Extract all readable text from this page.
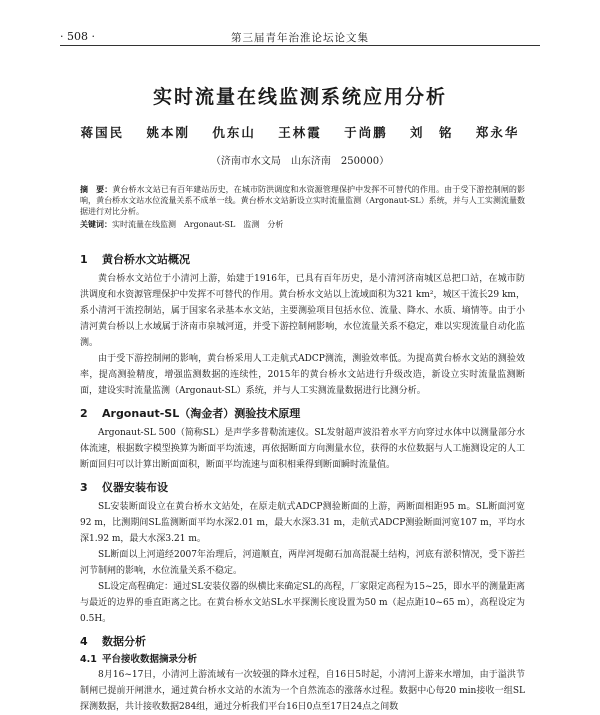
· 508 ·	第三届青年治淮论坛论文集
实时流量在线监测系统应用分析
蒋国民 姚本刚 仇东山 王林霞 于尚鹏 刘　铭 郑永华
（济南市水文局　山东济南　250000）

摘　要：黄台桥水文站已有百年建站历史，在城市防洪调度和水资源管理保护中发挥不可替代的作用。由于受下游控制闸的影响，黄台桥水文站水位流量关系不成单一线。黄台桥水文站新设立实时流量监测（Argonaut-SL）系统，并与人工实测流量数据进行对比分析。

关键词：实时流量在线监测　Argonaut-SL　监测　分析

1 黄台桥水文站概况

黄台桥水文站位于小清河上游，始建于1916年，已具有百年历史，是小清河济南城区总把口站，在城市防洪调度和水资源管理保护中发挥不可替代的作用。黄台桥水文站以上流域面积为321 km²，城区干流长29 km，系小清河干流控制站，属于国家名录基本水文站，主要测验项目包括水位、流量、降水、水质、墒情等。由于小清河黄台桥以上水域属于济南市泉城河道，并受下游控制闸影响，水位流量关系不稳定，难以实现流量自动化监测。

由于受下游控制闸的影响，黄台桥采用人工走航式ADCP测流，测验效率低。为提高黄台桥水文站的测验效率，提高测验精度，增强监测数据的连续性，2015年的黄台桥水文站进行升级改造，新设立实时流量监测断面，建设实时流量监测（Argonaut-SL）系统，并与人工实测流量数据进行比测分析。

2 Argonaut-SL（淘金者）测验技术原理

Argonaut-SL 500（简称SL）是声学多普勒流速仪。SL发射超声波沿着水平方向穿过水体中以测量部分水体流速，根据数字模型换算为断面平均流速，再依据断面方向测量水位，获得的水位数据与人工施测设定的人工断面回归可以计算出断面面积，断面平均流速与面积相乘得到断面瞬时流量值。

3 仪器安装布设

SL安装断面设立在黄台桥水文站处，在原走航式ADCP测验断面的上游，两断面相距95 m。SL断面河宽92 m，比测期间SL监测断面平均水深2.01 m，最大水深3.31 m，走航式ADCP测验断面河宽107 m，平均水深1.92 m，最大水深3.21 m。

SL断面以上河道经2007年治理后，河道顺直，两岸河堤砌石加高混凝土结构，河底有淤积情况，受下游拦河节制闸的影响，水位流量关系不稳定。

SL设定高程确定：通过SL安装仪器的纵横比来确定SL的高程，厂家限定高程为15~25，即水平的测量距离与最近的边界的垂直距离之比。在黄台桥水文站SL水平探测长度设置为50 m（起点距10~65 m），高程设定为0.5H。

4 数据分析
4.1 平台接收数据摘录分析

8月16~17日，小清河上游流域有一次较强的降水过程，自16日5时起，小清河上游来水增加，由于溢洪节制闸已提前开闸泄水，通过黄台桥水文站的水流为一个自然流态的涨落水过程。数据中心每20 min接收一组SL探测数据，共计接收数据284组，通过分析我们平台16日0点至17日24点之间数
